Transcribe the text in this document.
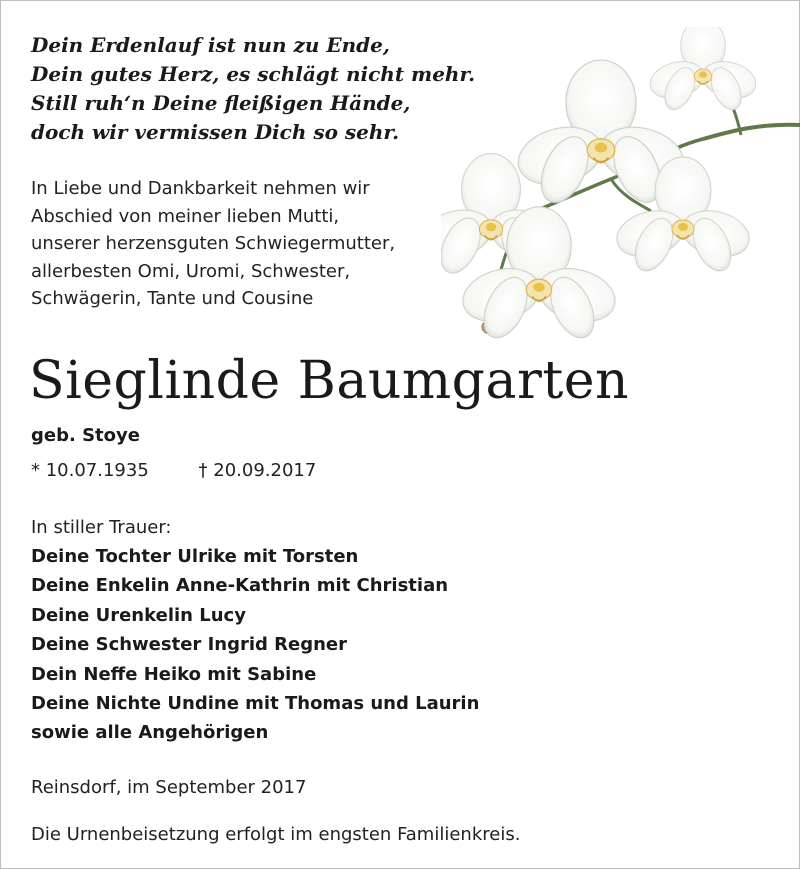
Dein Erdenlauf ist nun zu Ende,
Dein gutes Herz, es schlägt nicht mehr.
Still ruh‘n Deine fleißigen Hände,
doch wir vermissen Dich so sehr.
In Liebe und Dankbarkeit nehmen wir
Abschied von meiner lieben Mutti,
unserer herzensguten Schwiegermutter,
allerbesten Omi, Uromi, Schwester,
Schwägerin, Tante und Cousine
Sieglinde Baumgarten
geb. Stoye
* 10.07.1935	† 20.09.2017
In stiller Trauer:
Deine Tochter Ulrike mit Torsten
Deine Enkelin Anne-Kathrin mit Christian
Deine Urenkelin Lucy
Deine Schwester Ingrid Regner
Dein Neffe Heiko mit Sabine
Deine Nichte Undine mit Thomas und Laurin
sowie alle Angehörigen
Reinsdorf, im September 2017
Die Urnenbeisetzung erfolgt im engsten Familienkreis.
